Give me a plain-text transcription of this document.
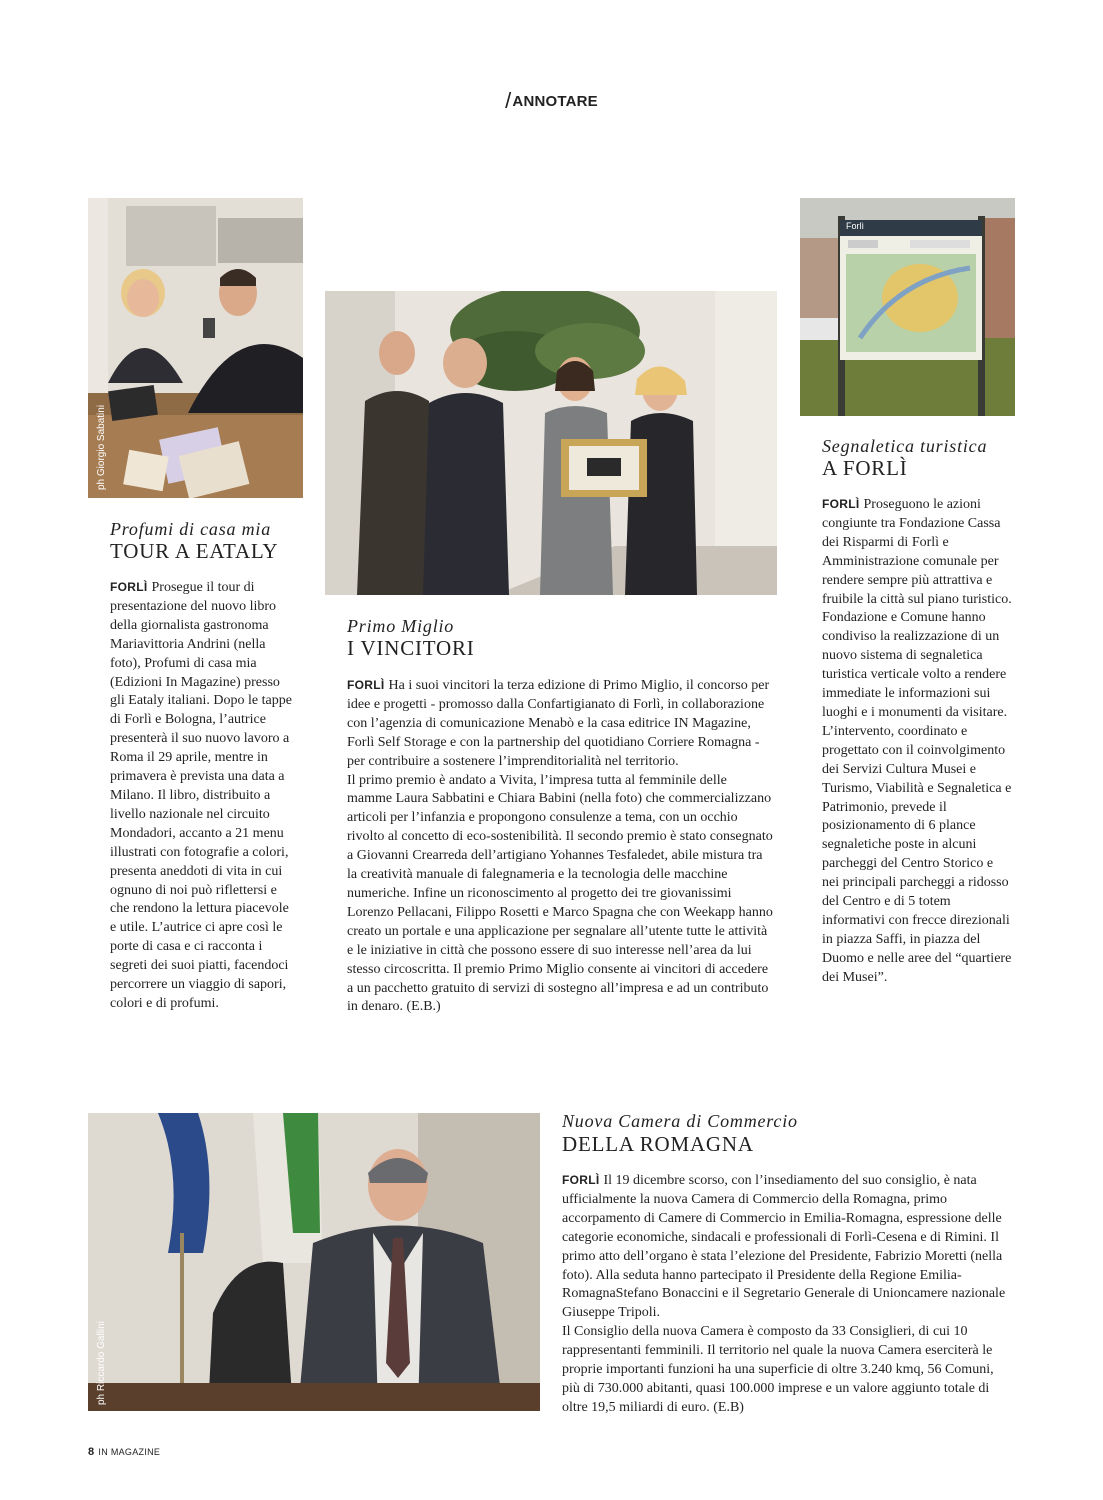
/ANNOTARE
ph Giorgio Sabatini
Profumi di casa mia
TOUR A EATALY

FORLÌ Prosegue il tour di presentazione del nuovo libro della giornalista gastronoma Mariavittoria Andrini (nella foto), Profumi di casa mia (Edizioni In Magazine) presso gli Eataly italiani. Dopo le tappe di Forlì e Bologna, l’autrice presenterà il suo nuovo lavoro a Roma il 29 aprile, mentre in primavera è prevista una data a Milano. Il libro, distribuito a livello nazionale nel circuito Mondadori, accanto a 21 menu illustrati con fotografie a colori, presenta aneddoti di vita in cui ognuno di noi può riflettersi e che rendono la lettura piacevole e utile. L’autrice ci apre così le porte di casa e ci racconta i segreti dei suoi piatti, facendoci percorrere un viaggio di sapori, colori e di profumi.

Primo Miglio
I VINCITORI

FORLÌ Ha i suoi vincitori la terza edizione di Primo Miglio, il concorso per idee e progetti - promosso dalla Confartigianato di Forlì, in collaborazione con l’agenzia di comunicazione Menabò e la casa editrice IN Magazine, Forlì Self Storage e con la partnership del quotidiano Corriere Romagna - per contribuire a sostenere l’imprenditorialità nel territorio.

Il primo premio è andato a Vivita, l’impresa tutta al femminile delle mamme Laura Sabbatini e Chiara Babini (nella foto) che commercializzano articoli per l’infanzia e propongono consulenze a tema, con un occhio rivolto al concetto di eco-sostenibilità. Il secondo premio è stato consegnato a Giovanni Crearreda dell’artigiano Yohannes Tesfaledet, abile mistura tra la creatività manuale di falegnameria e la tecnologia delle macchine numeriche. Infine un riconoscimento al progetto dei tre giovanissimi Lorenzo Pellacani, Filippo Rosetti e Marco Spagna che con Weekapp hanno creato un portale e una applicazione per segnalare all’utente tutte le attività e le iniziative in città che possono essere di suo interesse nell’area da lui stesso circoscritta. Il premio Primo Miglio consente ai vincitori di accedere a un pacchetto gratuito di servizi di sostegno all’impresa e ad un contributo in denaro. (E.B.)

Forlì
Segnaletica turistica
A FORLÌ

FORLÌ Proseguono le azioni congiunte tra Fondazione Cassa dei Risparmi di Forlì e Amministrazione comunale per rendere sempre più attrattiva e fruibile la città sul piano turistico.

Fondazione e Comune hanno condiviso la realizzazione di un nuovo sistema di segnaletica turistica verticale volto a rendere immediate le informazioni sui luoghi e i monumenti da visitare. L’intervento, coordinato e progettato con il coinvolgimento dei Servizi Cultura Musei e Turismo, Viabilità e Segnaletica e Patrimonio, prevede il posizionamento di 6 plance segnaletiche poste in alcuni parcheggi del Centro Storico e nei principali parcheggi a ridosso del Centro e di 5 totem informativi con frecce direzionali in piazza Saffi, in piazza del Duomo e nelle aree del “quartiere dei Musei”.

ph Riccardo Gallini
Nuova Camera di Commercio
DELLA ROMAGNA

FORLÌ Il 19 dicembre scorso, con l’insediamento del suo consiglio, è nata ufficialmente la nuova Camera di Commercio della Romagna, primo accorpamento di Camere di Commercio in Emilia-Romagna, espressione delle categorie economiche, sindacali e professionali di Forlì-Cesena e di Rimini. Il primo atto dell’organo è stata l’elezione del Presidente, Fabrizio Moretti (nella foto). Alla seduta hanno partecipato il Presidente della Regione Emilia-RomagnaStefano Bonaccini e il Segretario Generale di Unioncamere nazionale Giuseppe Tripoli.

Il Consiglio della nuova Camera è composto da 33 Consiglieri, di cui 10 rappresentanti femminili. Il territorio nel quale la nuova Camera eserciterà le proprie importanti funzioni ha una superficie di oltre 3.240 kmq, 56 Comuni, più di 730.000 abitanti, quasi 100.000 imprese e un valore aggiunto totale di oltre 19,5 miliardi di euro. (E.B)

8 IN MAGAZINE
